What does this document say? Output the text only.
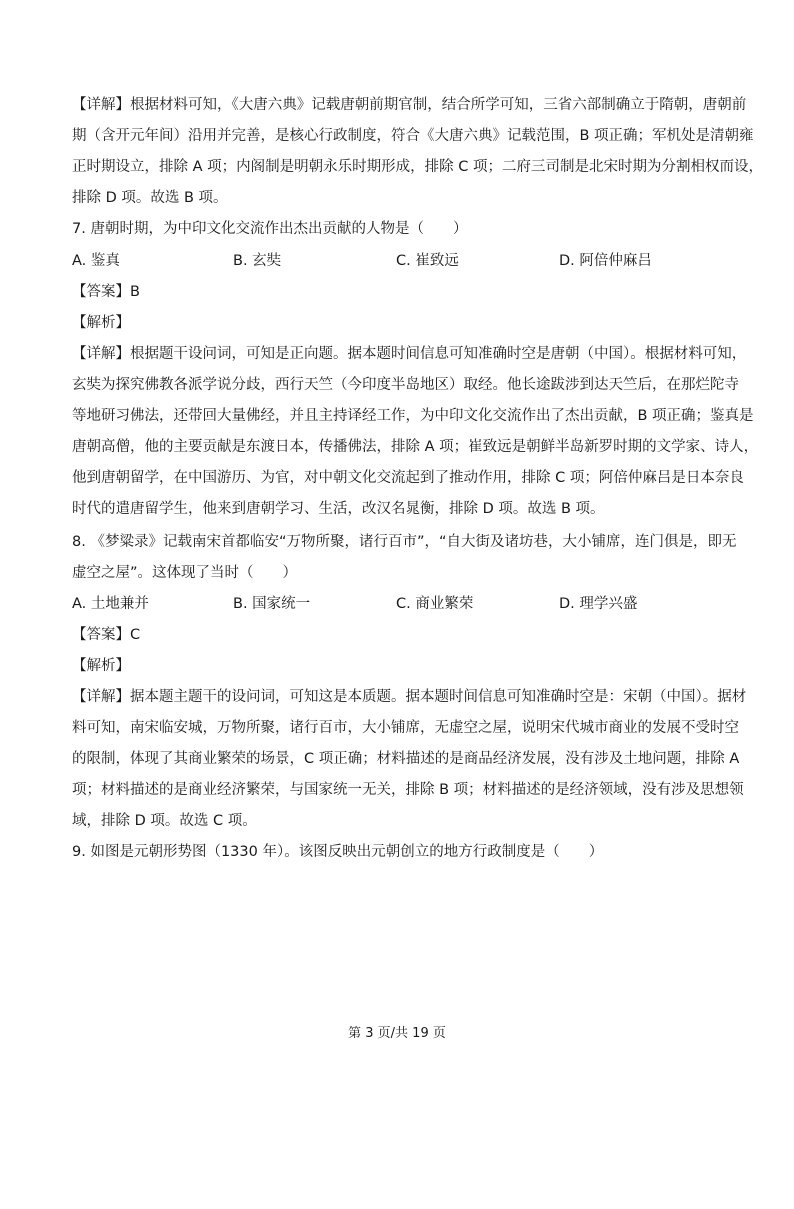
【详解】根据材料可知，《大唐六典》记载唐朝前期官制，结合所学可知，三省六部制确立于隋朝，唐朝前
期（含开元年间）沿用并完善，是核心行政制度，符合《大唐六典》记载范围，B 项正确；军机处是清朝雍
正时期设立，排除 A 项；内阁制是明朝永乐时期形成，排除 C 项；二府三司制是北宋时期为分割相权而设，
排除 D 项。故选 B 项。
7. 唐朝时期，为中印文化交流作出杰出贡献的人物是（　　）
A. 鉴真	B. 玄奘	C. 崔致远	D. 阿倍仲麻吕
【答案】B
【解析】
【详解】根据题干设问词，可知是正向题。据本题时间信息可知准确时空是唐朝（中国）。根据材料可知，
玄奘为探究佛教各派学说分歧，西行天竺（今印度半岛地区）取经。他长途跋涉到达天竺后，在那烂陀寺
等地研习佛法，还带回大量佛经，并且主持译经工作，为中印文化交流作出了杰出贡献，B 项正确；鉴真是
唐朝高僧，他的主要贡献是东渡日本，传播佛法，排除 A 项；崔致远是朝鲜半岛新罗时期的文学家、诗人，
他到唐朝留学，在中国游历、为官，对中朝文化交流起到了推动作用，排除 C 项；阿倍仲麻吕是日本奈良
时代的遣唐留学生，他来到唐朝学习、生活，改汉名晁衡，排除 D 项。故选 B 项。
8. 《梦粱录》记载南宋首都临安“万物所聚，诸行百市”，“自大街及诸坊巷，大小铺席，连门俱是，即无
虚空之屋”。这体现了当时（　　）
A. 土地兼并	B. 国家统一	C. 商业繁荣	D. 理学兴盛
【答案】C
【解析】
【详解】据本题主题干的设问词，可知这是本质题。据本题时间信息可知准确时空是：宋朝（中国）。据材
料可知，南宋临安城，万物所聚，诸行百市，大小铺席，无虚空之屋，说明宋代城市商业的发展不受时空
的限制，体现了其商业繁荣的场景，C 项正确；材料描述的是商品经济发展，没有涉及土地问题，排除 A
项；材料描述的是商业经济繁荣，与国家统一无关，排除 B 项；材料描述的是经济领域，没有涉及思想领
域，排除 D 项。故选 C 项。
9. 如图是元朝形势图（1330 年）。该图反映出元朝创立的地方行政制度是（　　）
第 3 页/共 19 页
